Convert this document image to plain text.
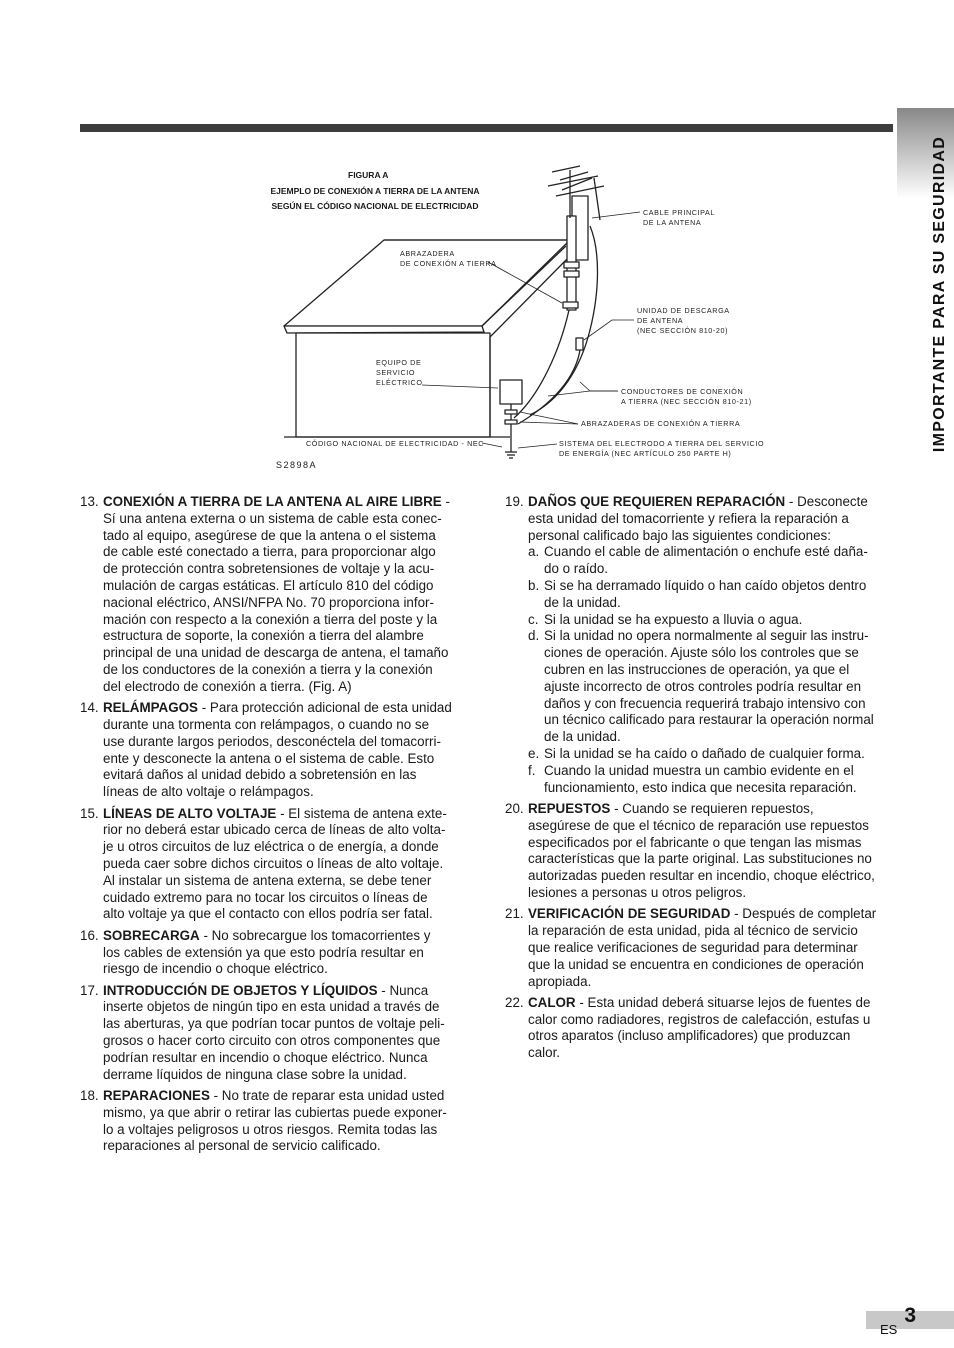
IMPORTANTE PARA SU SEGURIDAD
FIGURA A
EJEMPLO DE CONEXIÓN A TIERRA DE LA ANTENA
SEGÚN EL CÓDIGO NACIONAL DE ELECTRICIDAD
CABLE PRINCIPAL
DE LA ANTENA
ABRAZADERA
DE CONEXIÓN A TIERRA
UNIDAD DE DESCARGA
DE ANTENA
(NEC SECCIÓN 810-20)
EQUIPO DE
SERVICIO
ELÉCTRICO
CONDUCTORES DE CONEXIÓN
A TIERRA (NEC SECCIÓN 810-21)
ABRAZADERAS DE CONEXIÓN A TIERRA
CÓDIGO NACIONAL DE ELECTRICIDAD - NEC	SISTEMA DEL ELECTRODO A TIERRA DEL SERVICIO
DE ENERGÍA (NEC ARTÍCULO 250 PARTE H)
S2898A
13. CONEXIÓN A TIERRA DE LA ANTENA AL AIRE LIBRE -
Sí una antena externa o un sistema de cable esta conec-
tado al equipo, asegúrese de que la antena o el sistema
de cable esté conectado a tierra, para proporcionar algo
de protección contra sobretensiones de voltaje y la acu-
mulación de cargas estáticas. El artículo 810 del código
nacional eléctrico, ANSI/NFPA No. 70 proporciona infor-
mación con respecto a la conexión a tierra del poste y la
estructura de soporte, la conexión a tierra del alambre
principal de una unidad de descarga de antena, el tamaño
de los conductores de la conexión a tierra y la conexión
del electrodo de conexión a tierra. (Fig. A)
14. RELÁMPAGOS - Para protección adicional de esta unidad
durante una tormenta con relámpagos, o cuando no se
use durante largos periodos, desconéctela del tomacorri-
ente y desconecte la antena o el sistema de cable. Esto
evitará daños al unidad debido a sobretensión en las
líneas de alto voltaje o relámpagos.
15. LÍNEAS DE ALTO VOLTAJE - El sistema de antena exte-
rior no deberá estar ubicado cerca de líneas de alto volta-
je u otros circuitos de luz eléctrica o de energía, a donde
pueda caer sobre dichos circuitos o líneas de alto voltaje.
Al instalar un sistema de antena externa, se debe tener
cuidado extremo para no tocar los circuitos o líneas de
alto voltaje ya que el contacto con ellos podría ser fatal.
16. SOBRECARGA - No sobrecargue los tomacorrientes y
los cables de extensión ya que esto podría resultar en
riesgo de incendio o choque eléctrico.
17. INTRODUCCIÓN DE OBJETOS Y LÍQUIDOS - Nunca
inserte objetos de ningún tipo en esta unidad a través de
las aberturas, ya que podrían tocar puntos de voltaje peli-
grosos o hacer corto circuito con otros componentes que
podrían resultar en incendio o choque eléctrico. Nunca
derrame líquidos de ninguna clase sobre la unidad.
18. REPARACIONES - No trate de reparar esta unidad usted
mismo, ya que abrir o retirar las cubiertas puede exponer-
lo a voltajes peligrosos u otros riesgos. Remita todas las
reparaciones al personal de servicio calificado.
19. DAÑOS QUE REQUIEREN REPARACIÓN - Desconecte
esta unidad del tomacorriente y refiera la reparación a
personal calificado bajo las siguientes condiciones:
a. Cuando el cable de alimentación o enchufe esté daña-
do o raído.
b. Si se ha derramado líquido o han caído objetos dentro
de la unidad.
c. Si la unidad se ha expuesto a lluvia o agua.
d. Si la unidad no opera normalmente al seguir las instru-
ciones de operación. Ajuste sólo los controles que se
cubren en las instrucciones de operación, ya que el
ajuste incorrecto de otros controles podría resultar en
daños y con frecuencia requerirá trabajo intensivo con
un técnico calificado para restaurar la operación normal
de la unidad.
e. Si la unidad se ha caído o dañado de cualquier forma.
f. Cuando la unidad muestra un cambio evidente en el
funcionamiento, esto indica que necesita reparación.
20. REPUESTOS - Cuando se requieren repuestos,
asegúrese de que el técnico de reparación use repuestos
especificados por el fabricante o que tengan las mismas
características que la parte original. Las substituciones no
autorizadas pueden resultar en incendio, choque eléctrico,
lesiones a personas u otros peligros.
21. VERIFICACIÓN DE SEGURIDAD - Después de completar
la reparación de esta unidad, pida al técnico de servicio
que realice verificaciones de seguridad para determinar
que la unidad se encuentra en condiciones de operación
apropiada.
22. CALOR - Esta unidad deberá situarse lejos de fuentes de
calor como radiadores, registros de calefacción, estufas u
otros aparatos (incluso amplificadores) que produzcan
calor.
3
ES
